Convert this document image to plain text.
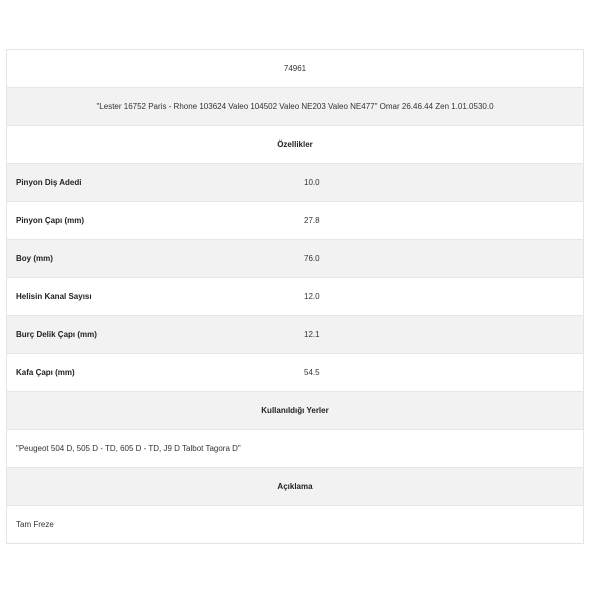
74961	
"Lester 16752 Paris - Rhone 103624 Valeo 104502 Valeo NE203 Valeo NE477" Omar 26.46.44 Zen 1.01.0530.0	
Özellikler	
Pinyon Diş Adedi	10.0
Pinyon Çapı (mm)	27.8
Boy (mm)	76.0
Helisin Kanal Sayısı	12.0
Burç Delik Çapı (mm)	12.1
Kafa Çapı (mm)	54.5
Kullanıldığı Yerler	
"Peugeot 504 D, 505 D - TD, 605 D - TD, J9 D Talbot Tagora D"	
Açıklama	
Tam Freze	
